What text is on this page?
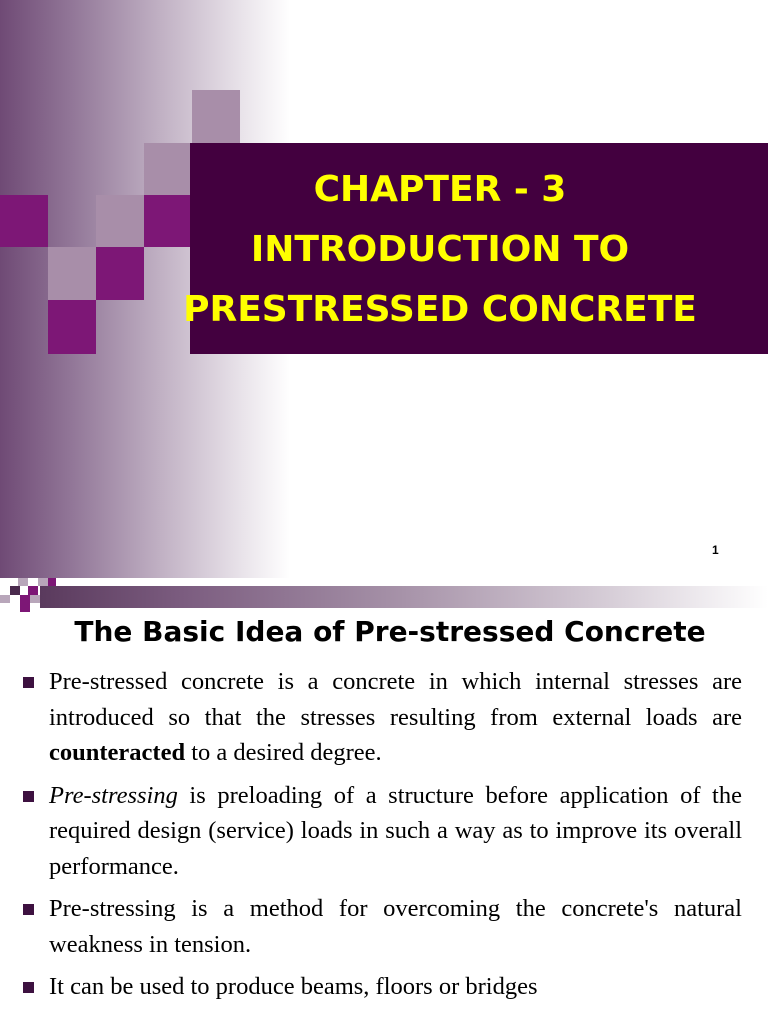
CHAPTER - 3
INTRODUCTION TO
PRESTRESSED CONCRETE
1
The Basic Idea of Pre-stressed Concrete
Pre-stressed concrete is a concrete in which internal stresses are introduced so that the stresses resulting from external loads are counteracted to a desired degree.
Pre-stressing is preloading of a structure before application of the required design (service) loads in such a way as to improve its overall performance.
Pre-stressing is a method for overcoming the concrete's natural weakness in tension.
It can be used to produce beams, floors or bridges
